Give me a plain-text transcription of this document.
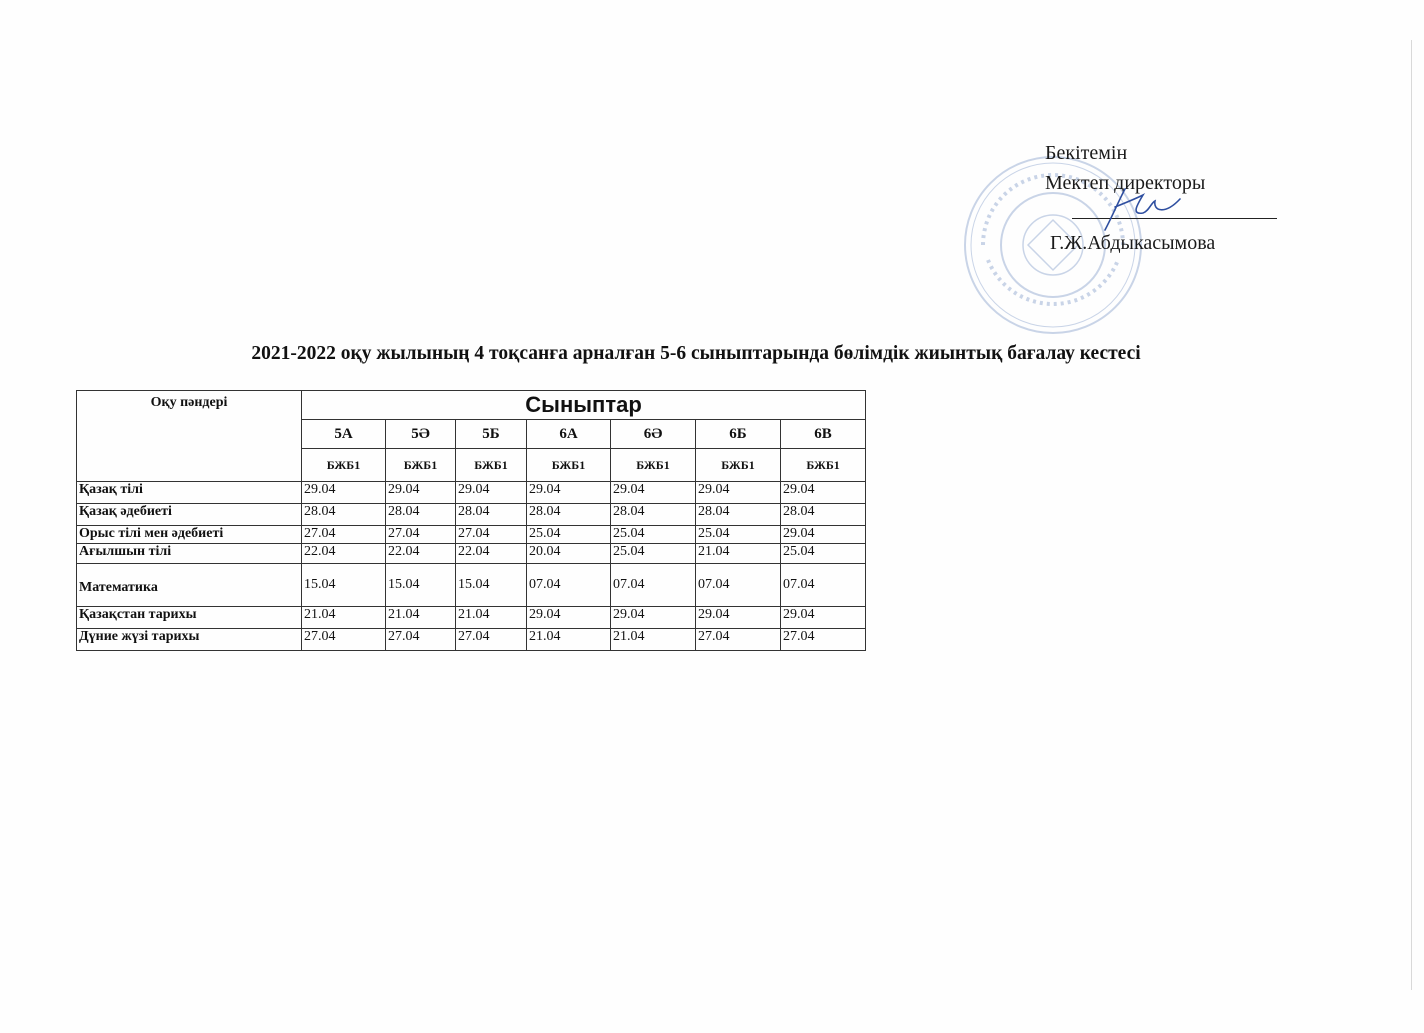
Бекітемін
Мектеп директоры
Г.Ж.Абдыкасымова
2021-2022 оқу жылының 4 тоқсанға арналған 5-6 сыныптарында бөлімдік жиынтық бағалау кестесі
Оқу пәндері	Сыныптар						
	5А	5Ә	5Б	6А	6Ә	6Б	6В
	БЖБ1	БЖБ1	БЖБ1	БЖБ1	БЖБ1	БЖБ1	БЖБ1
Қазақ тілі	29.04	29.04	29.04	29.04	29.04	29.04	29.04
Қазақ әдебиеті	28.04	28.04	28.04	28.04	28.04	28.04	28.04
Орыс тілі мен әдебиеті	27.04	27.04	27.04	25.04	25.04	25.04	29.04
Ағылшын тілі	22.04	22.04	22.04	20.04	25.04	21.04	25.04
Математика	15.04	15.04	15.04	07.04	07.04	07.04	07.04
Қазақстан тарихы	21.04	21.04	21.04	29.04	29.04	29.04	29.04
Дүние жүзі тарихы	27.04	27.04	27.04	21.04	21.04	27.04	27.04
